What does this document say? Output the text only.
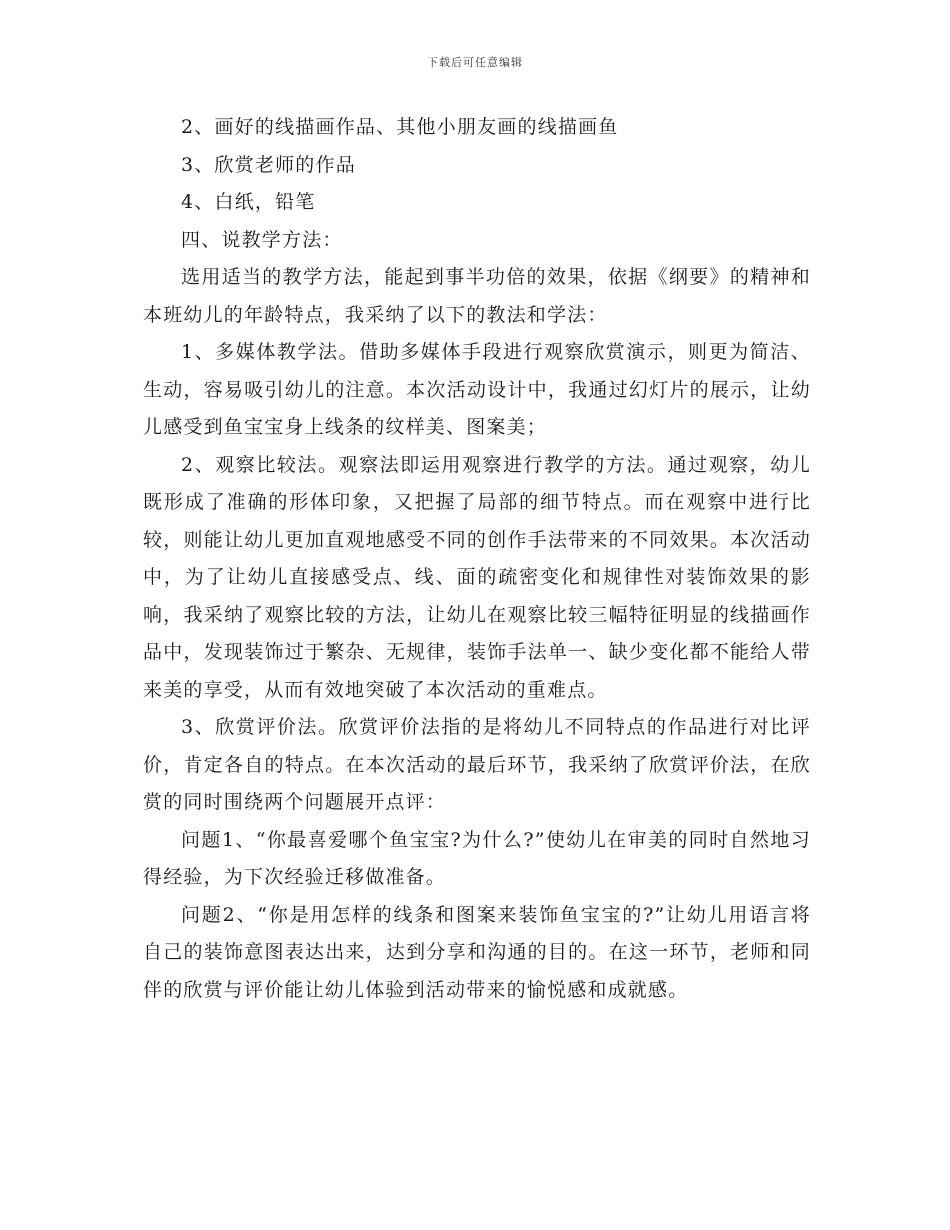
下载后可任意编辑

2、画好的线描画作品、其他小朋友画的线描画鱼

3、欣赏老师的作品

4、白纸，铅笔

四、说教学方法：

选用适当的教学方法，能起到事半功倍的效果，依据《纲要》的精神和本班幼儿的年龄特点，我采纳了以下的教法和学法：

1、多媒体教学法。借助多媒体手段进行观察欣赏演示，则更为简洁、生动，容易吸引幼儿的注意。本次活动设计中，我通过幻灯片的展示，让幼儿感受到鱼宝宝身上线条的纹样美、图案美；

2、观察比较法。观察法即运用观察进行教学的方法。通过观察，幼儿既形成了准确的形体印象，又把握了局部的细节特点。而在观察中进行比较，则能让幼儿更加直观地感受不同的创作手法带来的不同效果。本次活动中，为了让幼儿直接感受点、线、面的疏密变化和规律性对装饰效果的影响，我采纳了观察比较的方法，让幼儿在观察比较三幅特征明显的线描画作品中，发现装饰过于繁杂、无规律，装饰手法单一、缺少变化都不能给人带来美的享受，从而有效地突破了本次活动的重难点。

3、欣赏评价法。欣赏评价法指的是将幼儿不同特点的作品进行对比评价，肯定各自的特点。在本次活动的最后环节，我采纳了欣赏评价法，在欣赏的同时围绕两个问题展开点评：

问题1、“你最喜爱哪个鱼宝宝?为什么?”使幼儿在审美的同时自然地习得经验，为下次经验迁移做准备。

问题2、“你是用怎样的线条和图案来装饰鱼宝宝的?”让幼儿用语言将自己的装饰意图表达出来，达到分享和沟通的目的。在这一环节，老师和同伴的欣赏与评价能让幼儿体验到活动带来的愉悦感和成就感。
